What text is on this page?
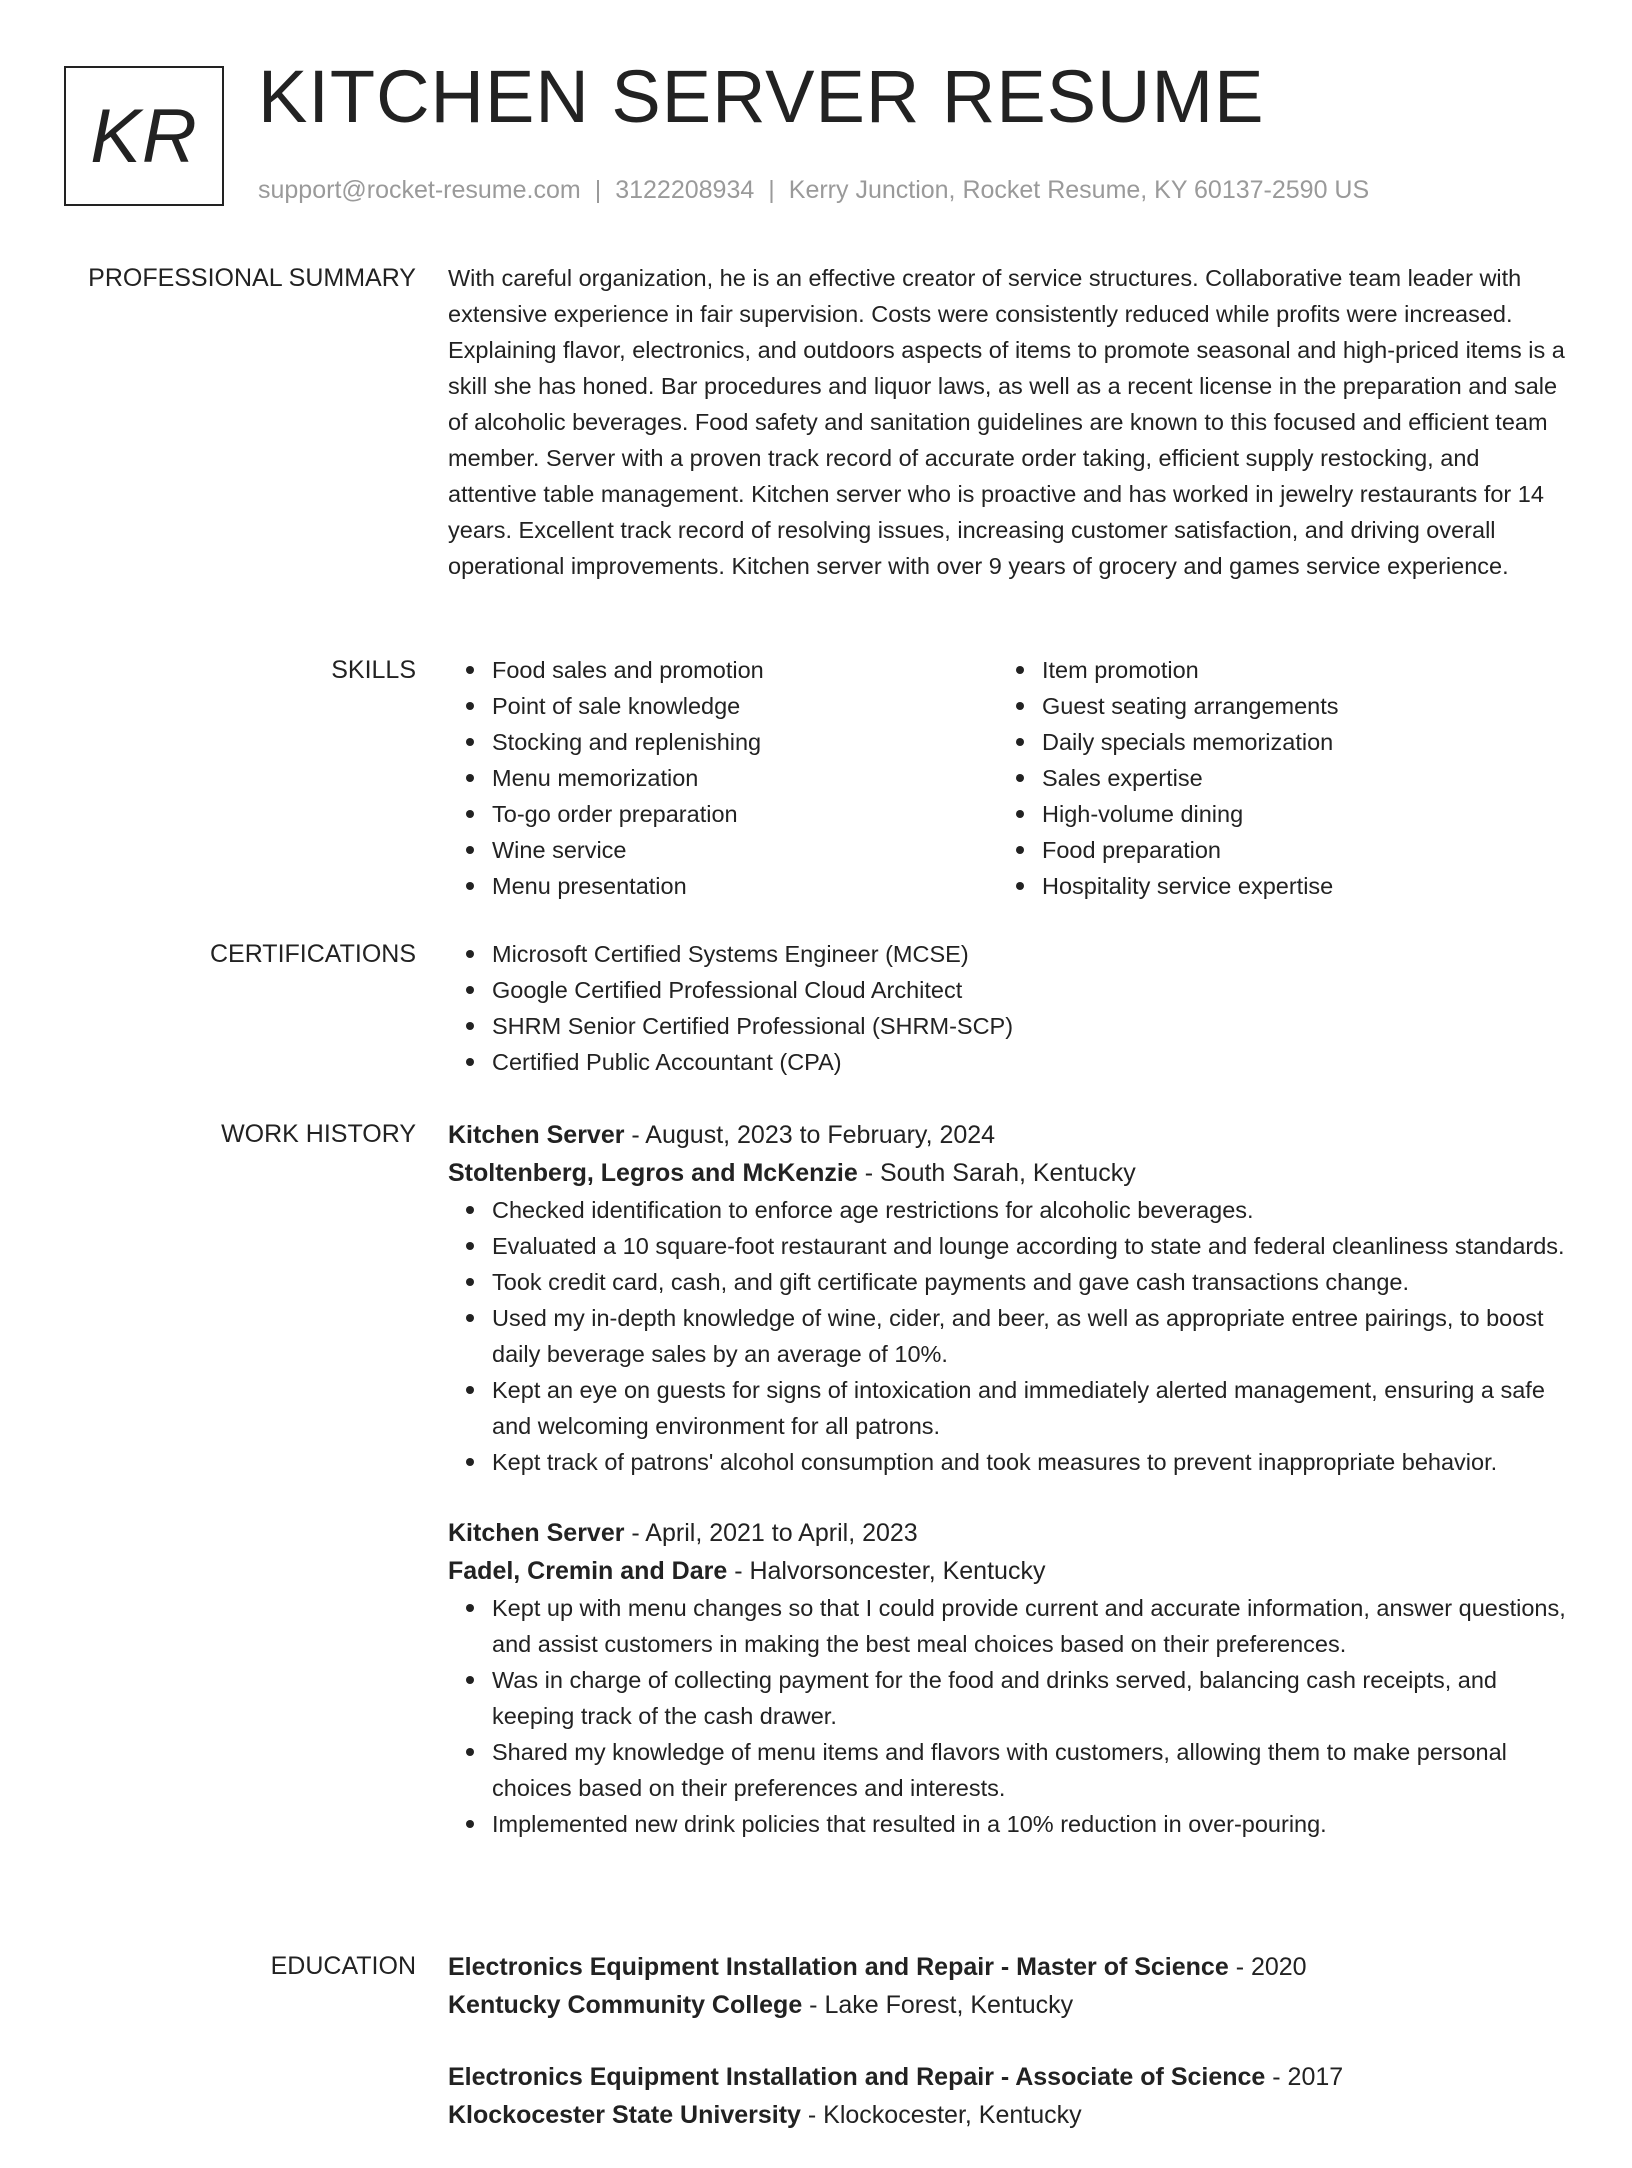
KR KITCHEN SERVER RESUME
support@rocket-resume.com | 3122208934 | Kerry Junction, Rocket Resume, KY 60137-2590 US
PROFESSIONAL SUMMARY With careful organization, he is an effective creator of service structures. Collaborative team leader with extensive experience in fair supervision. Costs were consistently reduced while profits were increased. Explaining flavor, electronics, and outdoors aspects of items to promote seasonal and high-priced items is a skill she has honed. Bar procedures and liquor laws, as well as a recent license in the preparation and sale of alcoholic beverages. Food safety and sanitation guidelines are known to this focused and efficient team member. Server with a proven track record of accurate order taking, efficient supply restocking, and attentive table management. Kitchen server who is proactive and has worked in jewelry restaurants for 14 years. Excellent track record of resolving issues, increasing customer satisfaction, and driving overall operational improvements. Kitchen server with over 9 years of grocery and games service experience.
SKILLS	Food sales and promotion
Point of sale knowledge
Stocking and replenishing
Menu memorization
To-go order preparation
Wine service
Menu presentation
Item promotion
Guest seating arrangements
Daily specials memorization
Sales expertise
High-volume dining
Food preparation
Hospitality service expertise
CERTIFICATIONS	Microsoft Certified Systems Engineer (MCSE)
Google Certified Professional Cloud Architect
SHRM Senior Certified Professional (SHRM-SCP)
Certified Public Accountant (CPA)
WORK HISTORY Kitchen Server - August, 2023 to February, 2024
Stoltenberg, Legros and McKenzie - South Sarah, Kentucky
Checked identification to enforce age restrictions for alcoholic beverages.
Evaluated a 10 square-foot restaurant and lounge according to state and federal cleanliness standards.
Took credit card, cash, and gift certificate payments and gave cash transactions change.
Used my in-depth knowledge of wine, cider, and beer, as well as appropriate entree pairings, to boost daily beverage sales by an average of 10%.
Kept an eye on guests for signs of intoxication and immediately alerted management, ensuring a safe and welcoming environment for all patrons.
Kept track of patrons' alcohol consumption and took measures to prevent inappropriate behavior.
Kitchen Server - April, 2021 to April, 2023
Fadel, Cremin and Dare - Halvorsoncester, Kentucky
Kept up with menu changes so that I could provide current and accurate information, answer questions, and assist customers in making the best meal choices based on their preferences.
Was in charge of collecting payment for the food and drinks served, balancing cash receipts, and keeping track of the cash drawer.
Shared my knowledge of menu items and flavors with customers, allowing them to make personal choices based on their preferences and interests.
Implemented new drink policies that resulted in a 10% reduction in over-pouring.
EDUCATION Electronics Equipment Installation and Repair - Master of Science - 2020
Kentucky Community College - Lake Forest, Kentucky
Electronics Equipment Installation and Repair - Associate of Science - 2017
Klockocester State University - Klockocester, Kentucky
